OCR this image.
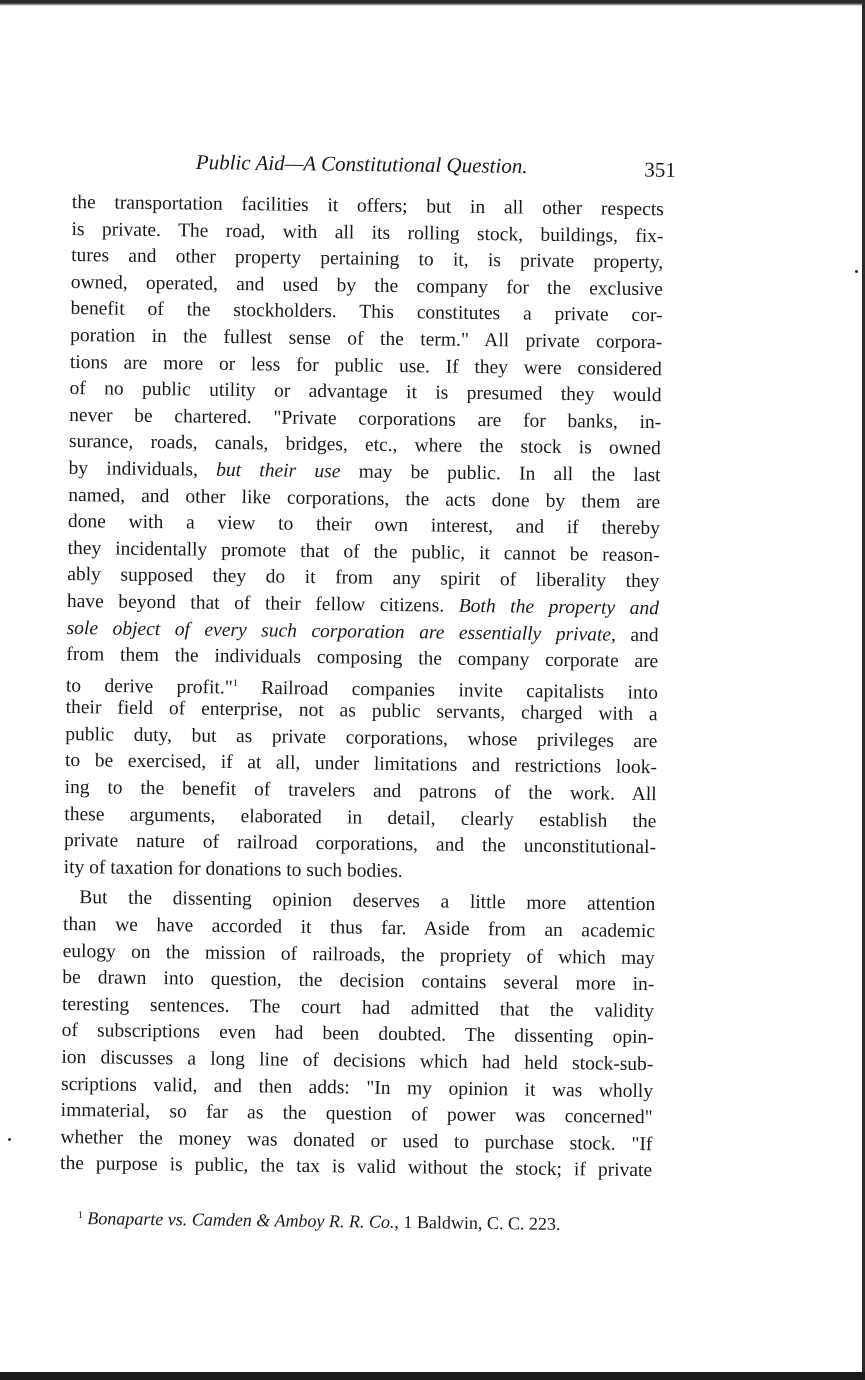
Public Aid—A Constitutional Question.	351
the transportation facilities it offers; but in all other respects
is private. The road, with all its rolling stock, buildings, fix-
tures and other property pertaining to it, is private property,
owned, operated, and used by the company for the exclusive
benefit of the stockholders. This constitutes a private cor-
poration in the fullest sense of the term." All private corpora-
tions are more or less for public use. If they were considered
of no public utility or advantage it is presumed they would
never be chartered. "Private corporations are for banks, in-
surance, roads, canals, bridges, etc., where the stock is owned
by individuals, but their use may be public. In all the last
named, and other like corporations, the acts done by them are
done with a view to their own interest, and if thereby
they incidentally promote that of the public, it cannot be reason-
ably supposed they do it from any spirit of liberality they
have beyond that of their fellow citizens. Both the property and
sole object of every such corporation are essentially private, and
from them the individuals composing the company corporate are
to derive profit."$^1$ Railroad companies invite capitalists into
their field of enterprise, not as public servants, charged with a
public duty, but as private corporations, whose privileges are
to be exercised, if at all, under limitations and restrictions look-
ing to the benefit of travelers and patrons of the work. All
these arguments, elaborated in detail, clearly establish the
private nature of railroad corporations, and the unconstitutional-
ity of taxation for donations to such bodies.
But the dissenting opinion deserves a little more attention
than we have accorded it thus far. Aside from an academic
eulogy on the mission of railroads, the propriety of which may
be drawn into question, the decision contains several more in-
teresting sentences. The court had admitted that the validity
of subscriptions even had been doubted. The dissenting opin-
ion discusses a long line of decisions which had held stock-sub-
scriptions valid, and then adds: "In my opinion it was wholly
immaterial, so far as the question of power was concerned"
whether the money was donated or used to purchase stock. "If
the purpose is public, the tax is valid without the stock; if private
$^1$ Bonaparte vs. Camden & Amboy R. R. Co., 1 Baldwin, C. C. 223.
